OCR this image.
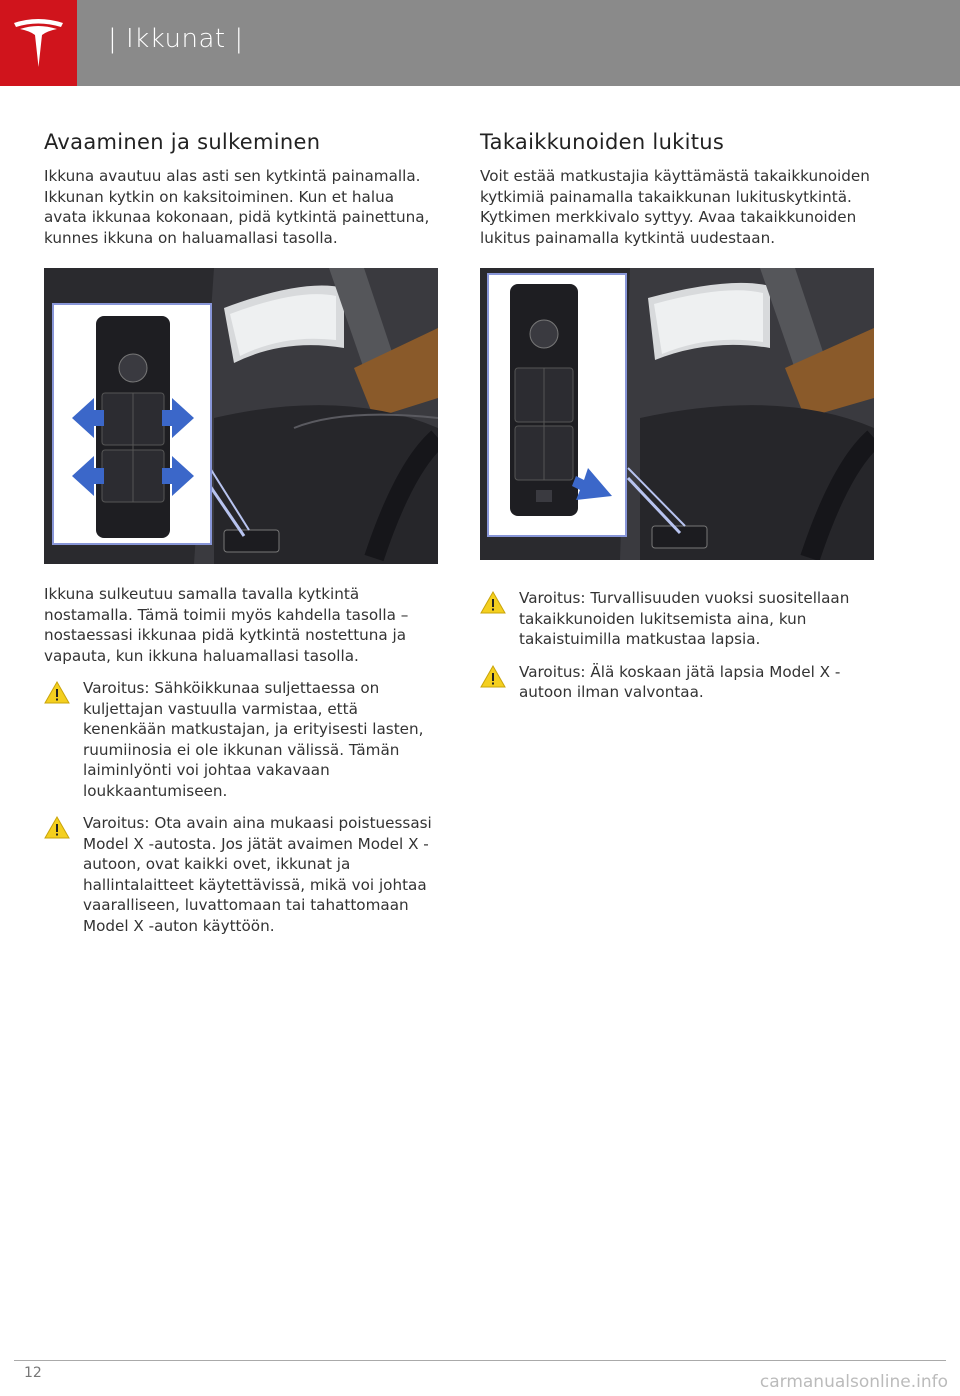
| Ikkunat |
Avaaminen ja sulkeminen

Ikkuna avautuu alas asti sen kytkintä painamalla. Ikkunan kytkin on kaksitoiminen. Kun et halua avata ikkunaa kokonaan, pidä kytkintä painettuna, kunnes ikkuna on haluamallasi tasolla.

Ikkuna sulkeutuu samalla tavalla kytkintä nostamalla. Tämä toimii myös kahdella tasolla – nostaessasi ikkunaa pidä kytkintä nostettuna ja vapauta, kun ikkuna haluamallasi tasolla.

Varoitus: Sähköikkunaa suljettaessa on kuljettajan vastuulla varmistaa, että kenenkään matkustajan, ja erityisesti lasten, ruumiinosia ei ole ikkunan välissä. Tämän laiminlyönti voi johtaa vakavaan loukkaantumiseen.

Varoitus: Ota avain aina mukaasi poistuessasi Model X -autosta. Jos jätät avaimen Model X -autoon, ovat kaikki ovet, ikkunat ja hallintalaitteet käytettävissä, mikä voi johtaa vaaralliseen, luvattomaan tai tahattomaan Model X -auton käyttöön.

Takaikkunoiden lukitus

Voit estää matkustajia käyttämästä takaikkunoiden kytkimiä painamalla takaikkunan lukituskytkintä. Kytkimen merkkivalo syttyy. Avaa takaikkunoiden lukitus painamalla kytkintä uudestaan.

Varoitus: Turvallisuuden vuoksi suositellaan takaikkunoiden lukitsemista aina, kun takaistuimilla matkustaa lapsia.

Varoitus: Älä koskaan jätä lapsia Model X -autoon ilman valvontaa.

12	carmanualsonline.info
